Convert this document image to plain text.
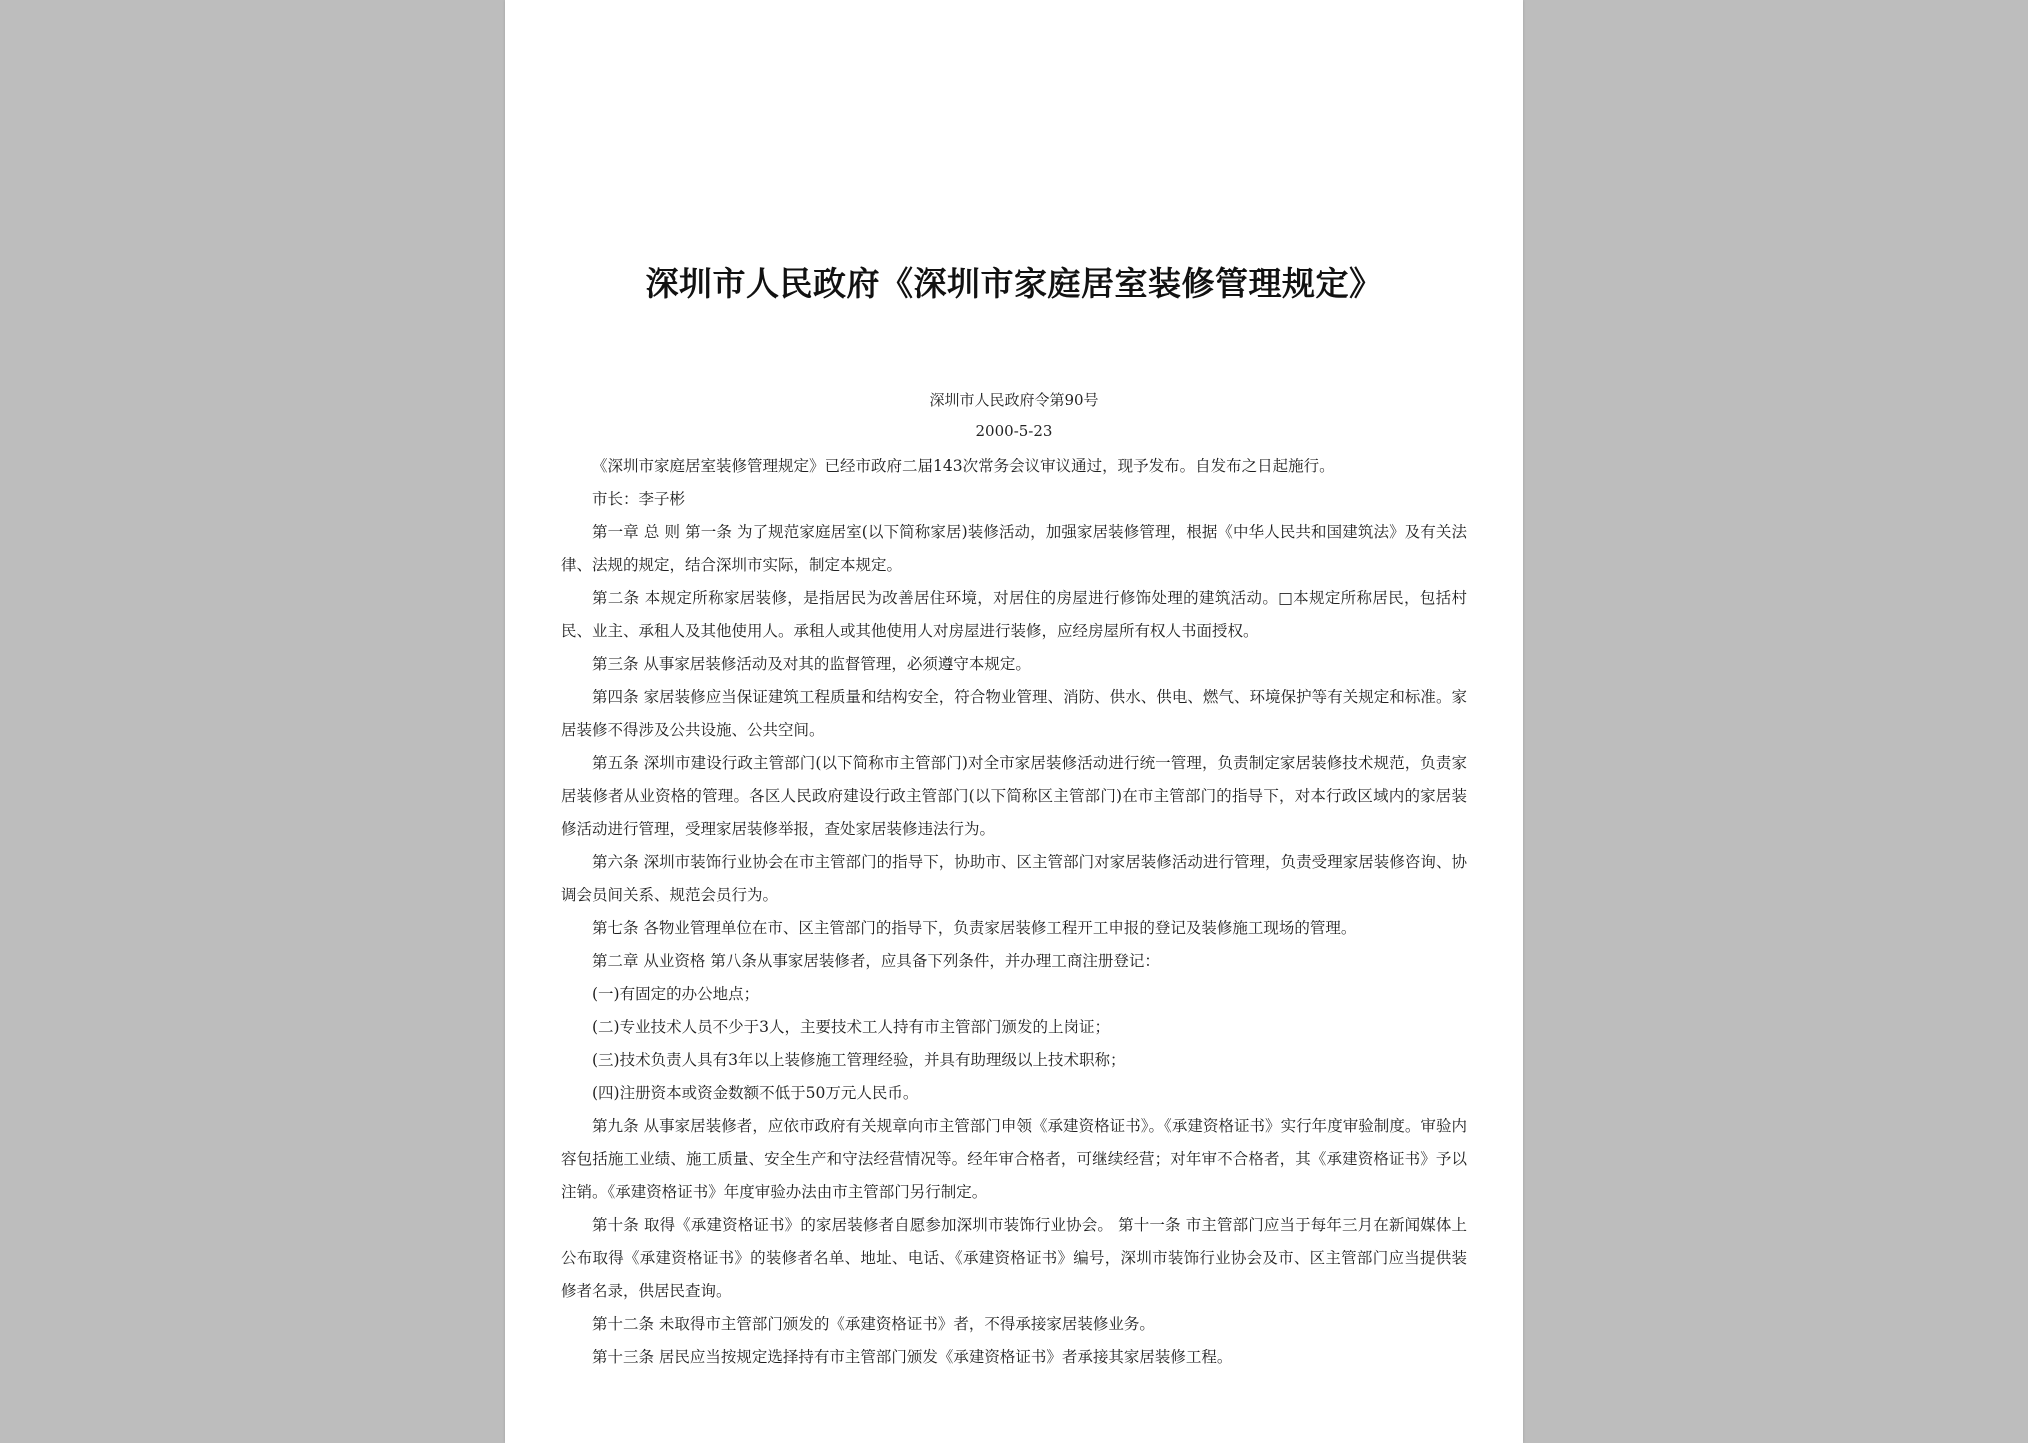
深圳市人民政府《深圳市家庭居室装修管理规定》
深圳市人民政府令第90号
2000-5-23

《深圳市家庭居室装修管理规定》已经市政府二届143次常务会议审议通过，现予发布。自发布之日起施行。

市长：李子彬

第一章 总 则 第一条 为了规范家庭居室(以下简称家居)装修活动，加强家居装修管理，根据《中华人民共和国建筑法》及有关法律、法规的规定，结合深圳市实际，制定本规定。

第二条 本规定所称家居装修，是指居民为改善居住环境，对居住的房屋进行修饰处理的建筑活动。□本规定所称居民，包括村民、业主、承租人及其他使用人。承租人或其他使用人对房屋进行装修，应经房屋所有权人书面授权。

第三条 从事家居装修活动及对其的监督管理，必须遵守本规定。

第四条 家居装修应当保证建筑工程质量和结构安全，符合物业管理、消防、供水、供电、燃气、环境保护等有关规定和标准。家居装修不得涉及公共设施、公共空间。

第五条 深圳市建设行政主管部门(以下简称市主管部门)对全市家居装修活动进行统一管理，负责制定家居装修技术规范，负责家居装修者从业资格的管理。各区人民政府建设行政主管部门(以下简称区主管部门)在市主管部门的指导下，对本行政区域内的家居装修活动进行管理，受理家居装修举报，查处家居装修违法行为。

第六条 深圳市装饰行业协会在市主管部门的指导下，协助市、区主管部门对家居装修活动进行管理，负责受理家居装修咨询、协调会员间关系、规范会员行为。

第七条 各物业管理单位在市、区主管部门的指导下，负责家居装修工程开工申报的登记及装修施工现场的管理。

第二章 从业资格 第八条从事家居装修者，应具备下列条件，并办理工商注册登记：

(一)有固定的办公地点；

(二)专业技术人员不少于3人，主要技术工人持有市主管部门颁发的上岗证；

(三)技术负责人具有3年以上装修施工管理经验，并具有助理级以上技术职称；

(四)注册资本或资金数额不低于50万元人民币。

第九条 从事家居装修者，应依市政府有关规章向市主管部门申领《承建资格证书》。《承建资格证书》实行年度审验制度。审验内容包括施工业绩、施工质量、安全生产和守法经营情况等。经年审合格者，可继续经营；对年审不合格者，其《承建资格证书》予以注销。《承建资格证书》年度审验办法由市主管部门另行制定。

第十条 取得《承建资格证书》的家居装修者自愿参加深圳市装饰行业协会。 第十一条 市主管部门应当于每年三月在新闻媒体上公布取得《承建资格证书》的装修者名单、地址、电话、《承建资格证书》编号，深圳市装饰行业协会及市、区主管部门应当提供装修者名录，供居民查询。

第十二条 未取得市主管部门颁发的《承建资格证书》者，不得承接家居装修业务。

第十三条 居民应当按规定选择持有市主管部门颁发《承建资格证书》者承接其家居装修工程。
